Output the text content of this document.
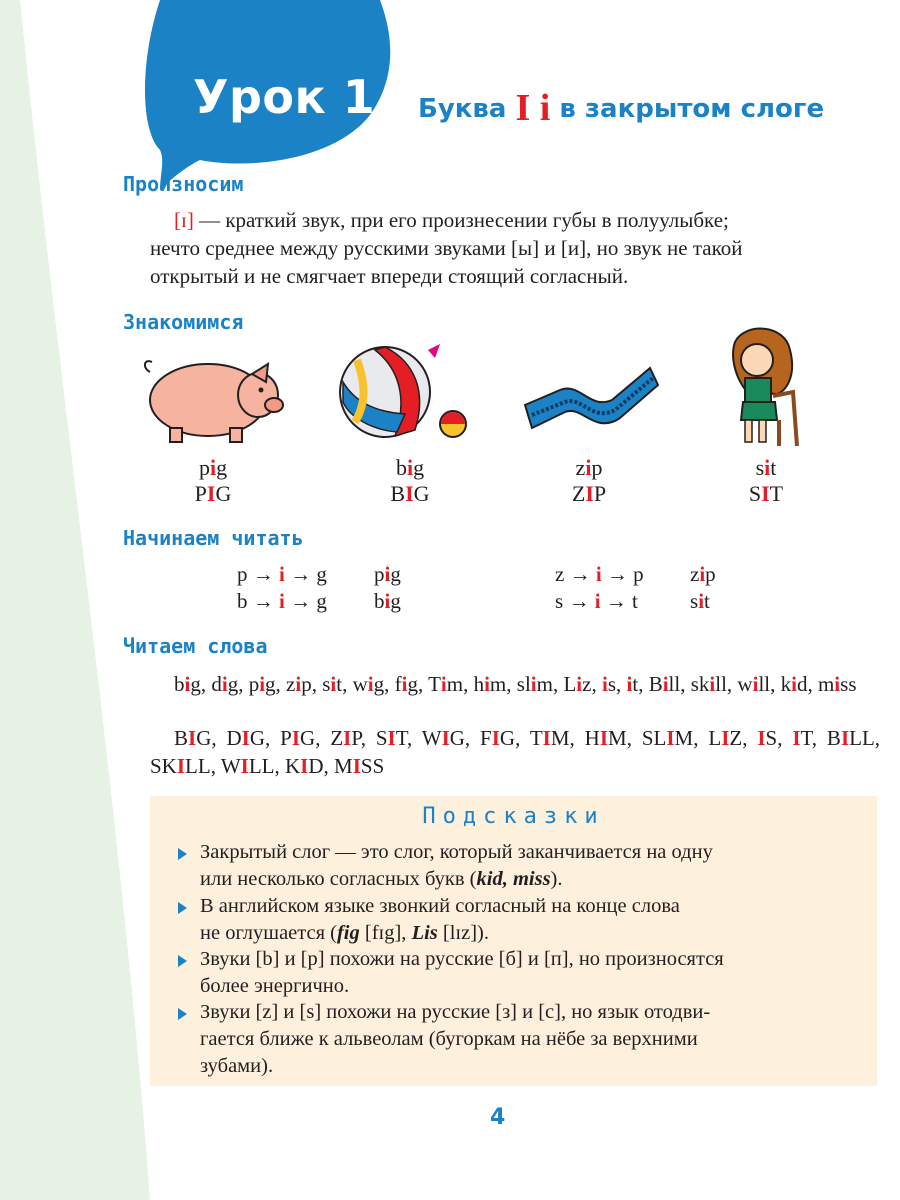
Урок 1 Буква I i в закрытом слоге
Произносим
[ɪ] — краткий звук, при его произнесении губы в полуулыбке;
нечто среднее между русскими звуками [ы] и [и], но звук не такой
открытый и не смягчает впереди стоящий согласный.
Знакомимся
pig
PIG
big
BIG
zip
ZIP
sit
SIT
Начинаем читать
p → i → g pig
b → i → g big
z → i → p zip
s → i → t sit
Читаем слова
big, dig, pig, zip, sit, wig, fig, Tim, him, slim, Liz, is, it, Bill, skill, will, kid, miss
BIG, DIG, PIG, ZIP, SIT, WIG, FIG, TIM, HIM, SLIM, LIZ, IS, IT, BILL, SKILL, WILL, KID, MISS
Подсказки
Закрытый слог — это слог, который заканчивается на одну
или несколько согласных букв (kid, miss).
В английском языке звонкий согласный на конце слова
не оглушается (fig [fɪg], Lis [lɪz]).
Звуки [b] и [p] похожи на русские [б] и [п], но произносятся
более энергично.
Звуки [z] и [s] похожи на русские [з] и [с], но язык отодви-
гается ближе к альвеолам (бугоркам на нёбе за верхними
зубами).
4
